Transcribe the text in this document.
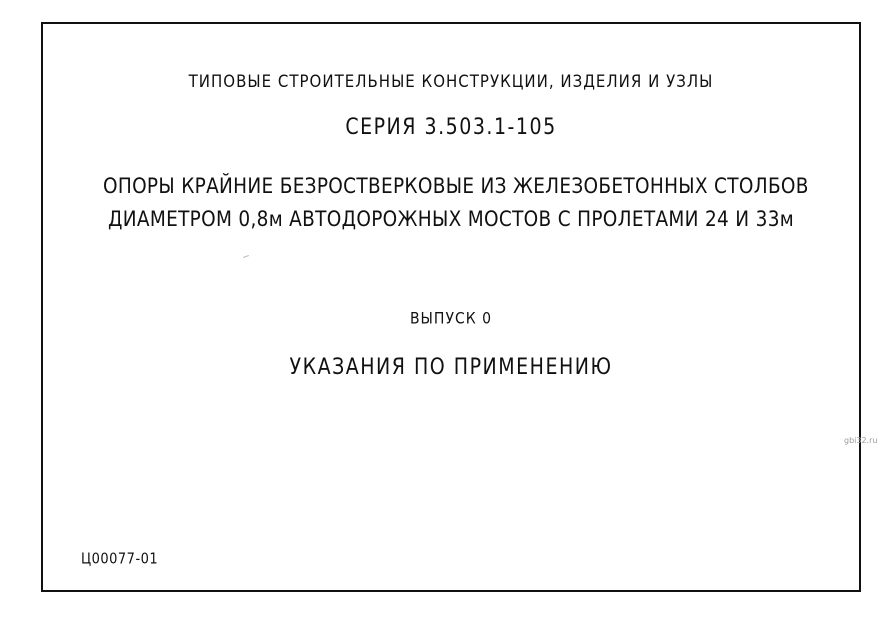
ТИПОВЫЕ СТРОИТЕЛЬНЫЕ КОНСТРУКЦИИ, ИЗДЕЛИЯ И УЗЛЫ
СЕРИЯ 3.503.1-105
ОПОРЫ КРАЙНИЕ БЕЗРОСТВЕРКОВЫЕ ИЗ ЖЕЛЕЗОБЕТОННЫХ СТОЛБОВ
ДИАМЕТРОМ 0,8м АВТОДОРОЖНЫХ МОСТОВ С ПРОЛЕТАМИ 24 И 33м
ВЫПУСК 0
УКАЗАНИЯ ПО ПРИМЕНЕНИЮ
Ц00077-01
gbi32.ru
